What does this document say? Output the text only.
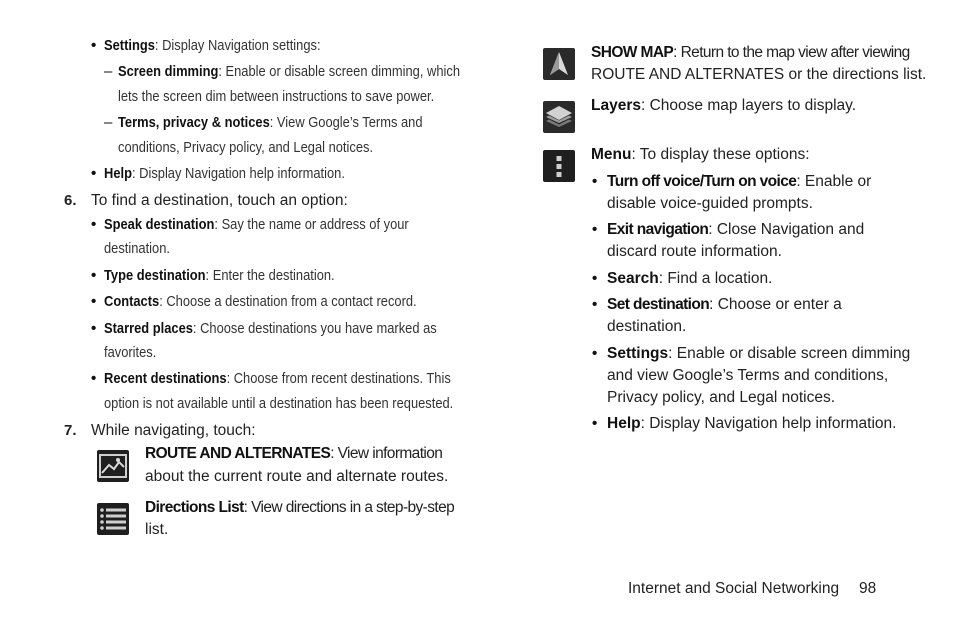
• Settings: Display Navigation settings:
– Screen dimming: Enable or disable screen dimming, which
lets the screen dim between instructions to save power.
– Terms, privacy & notices: View Google’s Terms and
conditions, Privacy policy, and Legal notices.
• Help: Display Navigation help information.
6. To find a destination, touch an option:
• Speak destination: Say the name or address of your
destination.
• Type destination: Enter the destination.
• Contacts: Choose a destination from a contact record.
• Starred places: Choose destinations you have marked as
favorites.
• Recent destinations: Choose from recent destinations. This
option is not available until a destination has been requested.
7. While navigating, touch:
ROUTE AND ALTERNATES: View information
about the current route and alternate routes.
Directions List: View directions in a step-by-step
list.
SHOW MAP: Return to the map view after viewing
ROUTE AND ALTERNATES or the directions list.
Layers: Choose map layers to display.
Menu: To display these options:
• Turn off voice/Turn on voice: Enable or
disable voice-guided prompts.
• Exit navigation: Close Navigation and
discard route information.
• Search: Find a location.
• Set destination: Choose or enter a
destination.
• Settings: Enable or disable screen dimming
and view Google’s Terms and conditions,
Privacy policy, and Legal notices.
• Help: Display Navigation help information.
Internet and Social Networking 98
